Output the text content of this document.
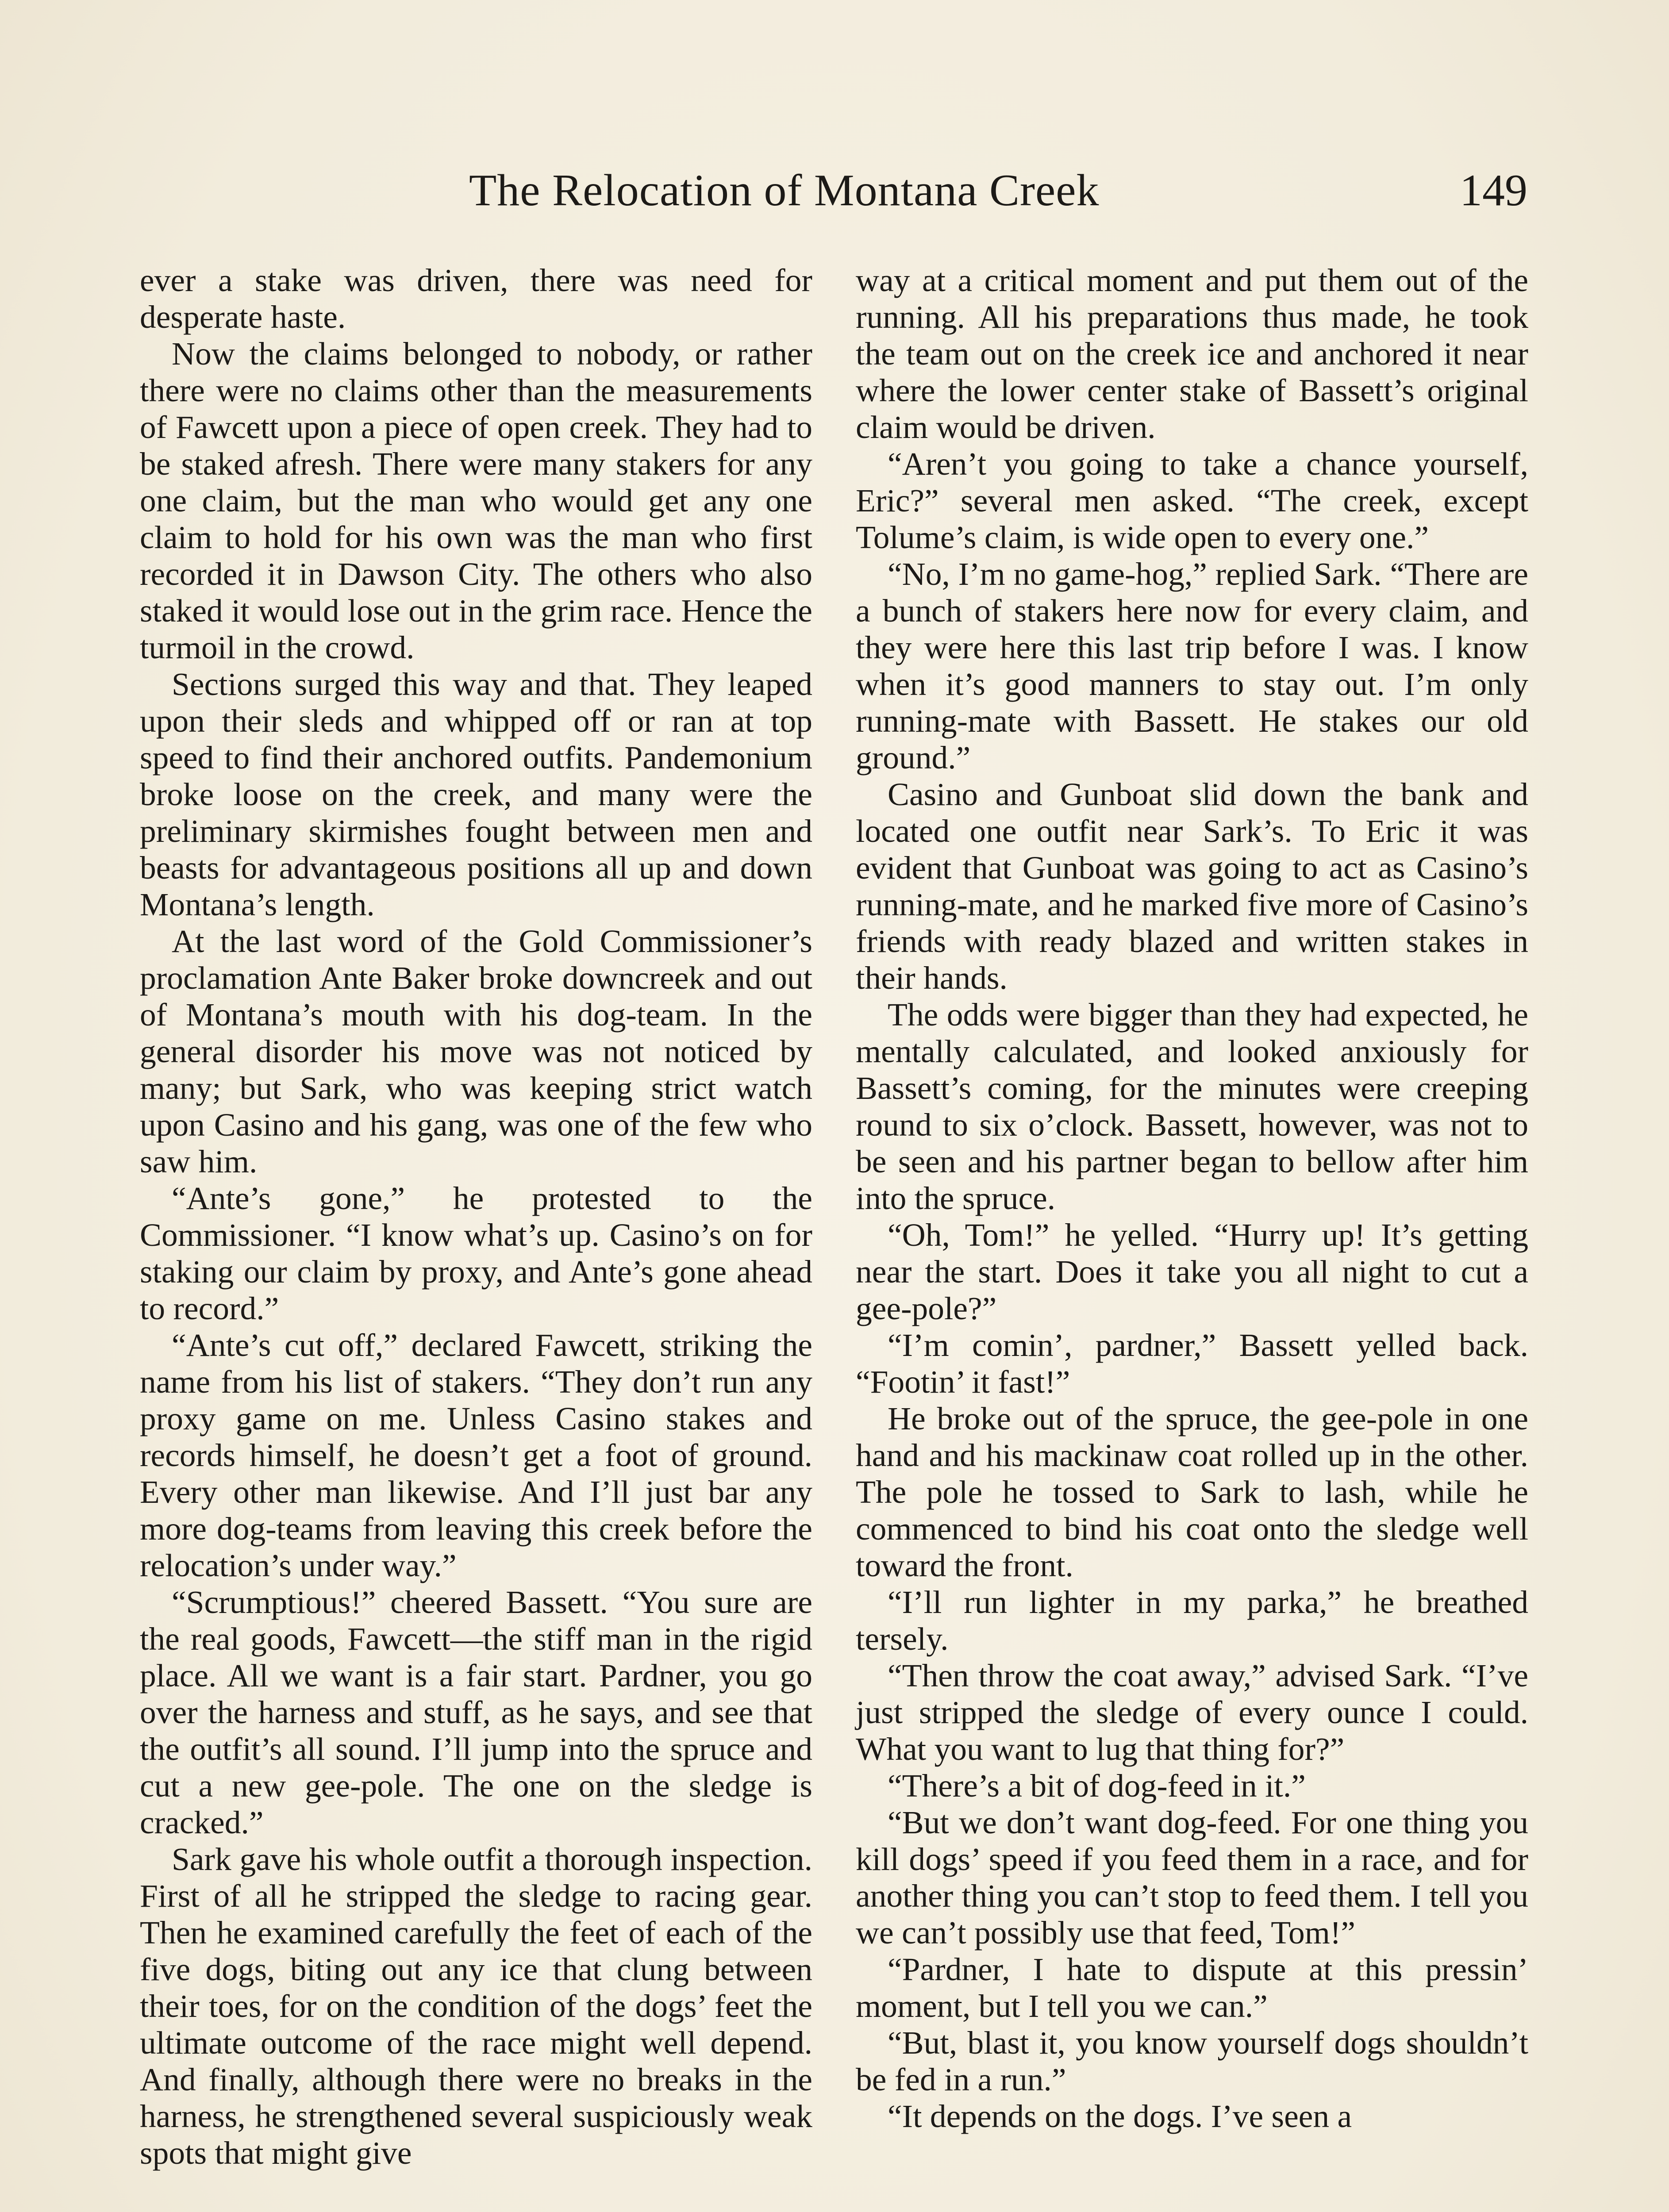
The Relocation of Montana Creek	149

ever a stake was driven, there was need for desperate haste.

Now the claims belonged to nobody, or rather there were no claims other than the measurements of Fawcett upon a piece of open creek. They had to be staked afresh. There were many stakers for any one claim, but the man who would get any one claim to hold for his own was the man who first recorded it in Dawson City. The others who also staked it would lose out in the grim race. Hence the turmoil in the crowd.

Sections surged this way and that. They leaped upon their sleds and whipped off or ran at top speed to find their anchored outfits. Pandemonium broke loose on the creek, and many were the preliminary skirmishes fought between men and beasts for advantageous positions all up and down Montana’s length.

At the last word of the Gold Commissioner’s proclamation Ante Baker broke downcreek and out of Montana’s mouth with his dog-team. In the general disorder his move was not noticed by many; but Sark, who was keeping strict watch upon Casino and his gang, was one of the few who saw him.

“Ante’s gone,” he protested to the Commissioner. “I know what’s up. Casino’s on for staking our claim by proxy, and Ante’s gone ahead to record.”

“Ante’s cut off,” declared Fawcett, striking the name from his list of stakers. “They don’t run any proxy game on me. Unless Casino stakes and records himself, he doesn’t get a foot of ground. Every other man likewise. And I’ll just bar any more dog-teams from leaving this creek before the relocation’s under way.”

“Scrumptious!” cheered Bassett. “You sure are the real goods, Fawcett—the stiff man in the rigid place. All we want is a fair start. Pardner, you go over the harness and stuff, as he says, and see that the outfit’s all sound. I’ll jump into the spruce and cut a new gee-pole. The one on the sledge is cracked.”

Sark gave his whole outfit a thorough inspection. First of all he stripped the sledge to racing gear. Then he examined carefully the feet of each of the five dogs, biting out any ice that clung between their toes, for on the condition of the dogs’ feet the ultimate outcome of the race might well depend. And finally, although there were no breaks in the harness, he strengthened several suspiciously weak spots that might give

way at a critical moment and put them out of the running. All his preparations thus made, he took the team out on the creek ice and anchored it near where the lower center stake of Bassett’s original claim would be driven.

“Aren’t you going to take a chance yourself, Eric?” several men asked. “The creek, except Tolume’s claim, is wide open to every one.”

“No, I’m no game-hog,” replied Sark. “There are a bunch of stakers here now for every claim, and they were here this last trip before I was. I know when it’s good manners to stay out. I’m only running-mate with Bassett. He stakes our old ground.”

Casino and Gunboat slid down the bank and located one outfit near Sark’s. To Eric it was evident that Gunboat was going to act as Casino’s running-mate, and he marked five more of Casino’s friends with ready blazed and written stakes in their hands.

The odds were bigger than they had expected, he mentally calculated, and looked anxiously for Bassett’s coming, for the minutes were creeping round to six o’clock. Bassett, however, was not to be seen and his partner began to bellow after him into the spruce.

“Oh, Tom!” he yelled. “Hurry up! It’s getting near the start. Does it take you all night to cut a gee-pole?”

“I’m comin’, pardner,” Bassett yelled back. “Footin’ it fast!”

He broke out of the spruce, the gee-pole in one hand and his mackinaw coat rolled up in the other. The pole he tossed to Sark to lash, while he commenced to bind his coat onto the sledge well toward the front.

“I’ll run lighter in my parka,” he breathed tersely.

“Then throw the coat away,” advised Sark. “I’ve just stripped the sledge of every ounce I could. What you want to lug that thing for?”

“There’s a bit of dog-feed in it.”

“But we don’t want dog-feed. For one thing you kill dogs’ speed if you feed them in a race, and for another thing you can’t stop to feed them. I tell you we can’t possibly use that feed, Tom!”

“Pardner, I hate to dispute at this pressin’ moment, but I tell you we can.”

“But, blast it, you know yourself dogs shouldn’t be fed in a run.”

“It depends on the dogs. I’ve seen a
